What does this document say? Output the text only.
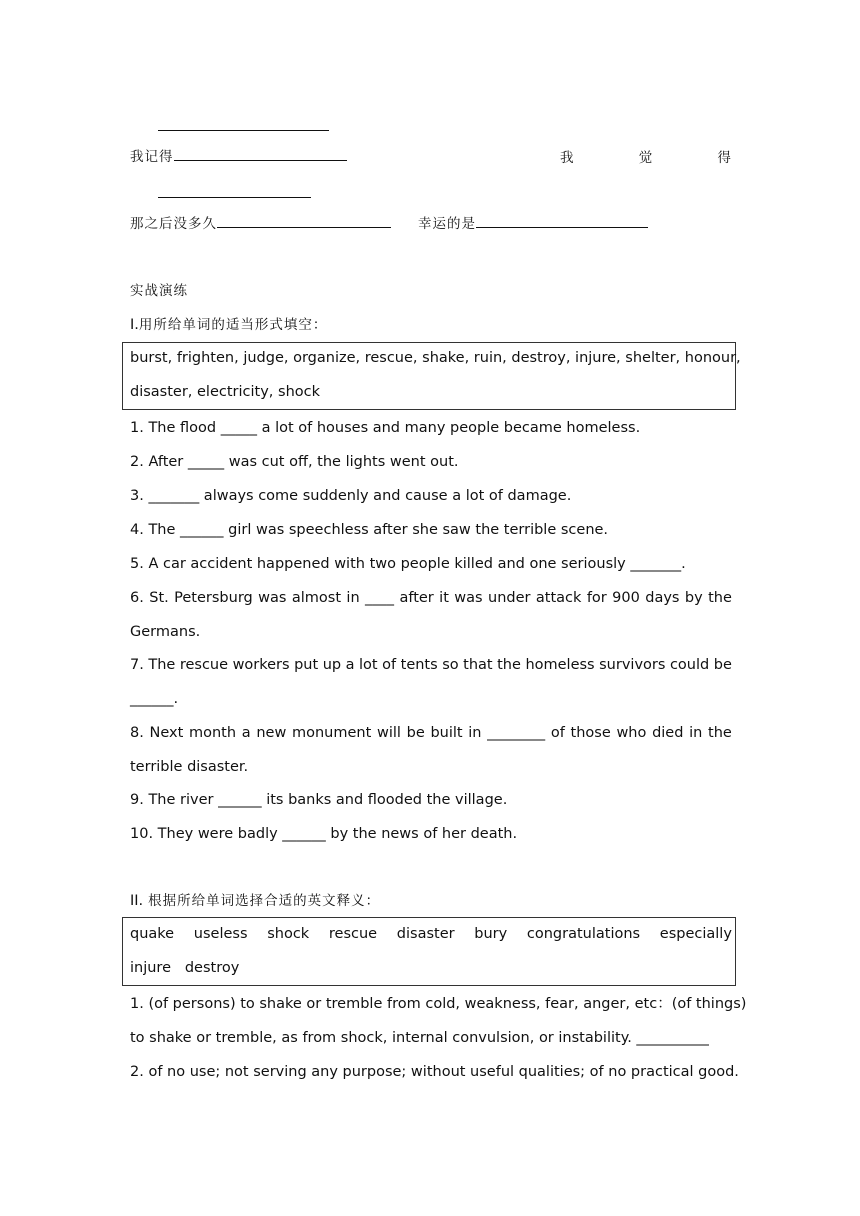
我记得	我	觉	得
那之后没多久	幸运的是
实战演练
I.用所给单词的适当形式填空：
burst, frighten, judge, organize, rescue, shake, ruin, destroy, injure, shelter, honour,
disaster, electricity, shock
1. The flood _____ a lot of houses and many people became homeless.
2. After _____ was cut off, the lights went out.
3. _______ always come suddenly and cause a lot of damage.
4. The ______ girl was speechless after she saw the terrible scene.
5. A car accident happened with two people killed and one seriously _______.
6. St. Petersburg was almost in ____ after it was under attack for 900 days by the
Germans.
7. The rescue workers put up a lot of tents so that the homeless survivors could be
______.
8. Next month a new monument will be built in ________ of those who died in the
terrible disaster.
9. The river ______ its banks and flooded the village.
10. They were badly ______ by the news of her death.
II. 根据所给单词选择合适的英文释义：
quake useless shock rescue disaster bury congratulations especially
injure   destroy
1. (of persons) to shake or tremble from cold, weakness, fear, anger, etc：(of things)
to shake or tremble, as from shock, internal convulsion, or instability. __________
2. of no use; not serving any purpose; without useful qualities; of no practical good.
